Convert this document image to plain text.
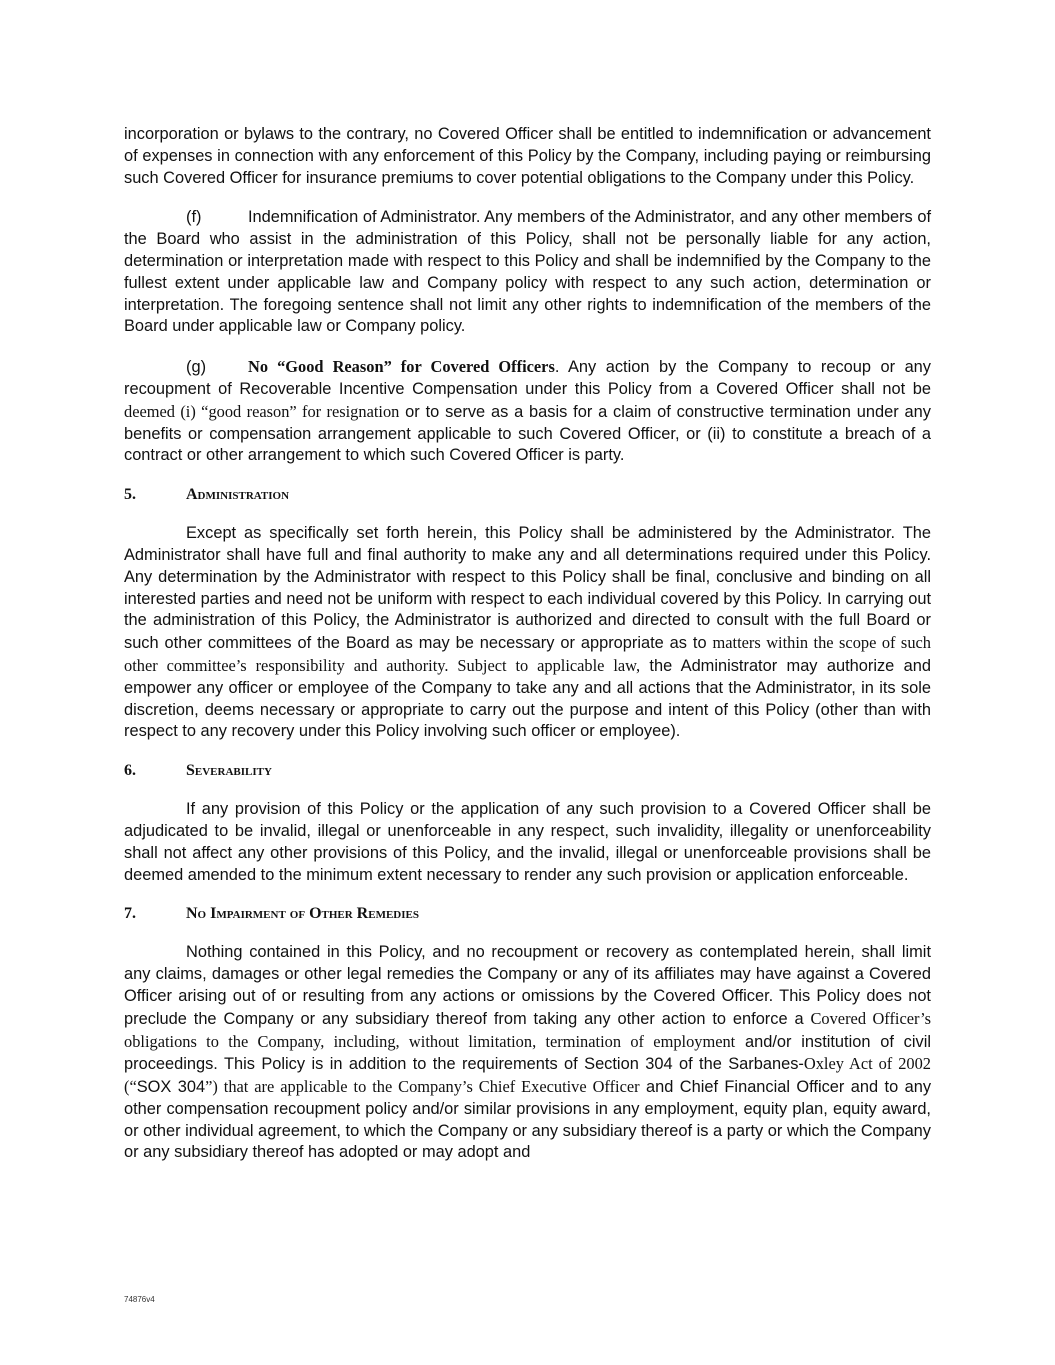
incorporation or bylaws to the contrary, no Covered Officer shall be entitled to indemnification or advancement of expenses in connection with any enforcement of this Policy by the Company, including paying or reimbursing such Covered Officer for insurance premiums to cover potential obligations to the Company under this Policy.

(f)	Indemnification of Administrator. Any members of the Administrator, and any other members of the Board who assist in the administration of this Policy, shall not be personally liable for any action, determination or interpretation made with respect to this Policy and shall be indemnified by the Company to the fullest extent under applicable law and Company policy with respect to any such action, determination or interpretation. The foregoing sentence shall not limit any other rights to indemnification of the members of the Board under applicable law or Company policy.

(g)	No “Good Reason” for Covered Officers. Any action by the Company to recoup or any recoupment of Recoverable Incentive Compensation under this Policy from a Covered Officer shall not be deemed (i) “good reason” for resignation or to serve as a basis for a claim of constructive termination under any benefits or compensation arrangement applicable to such Covered Officer, or (ii) to constitute a breach of a contract or other arrangement to which such Covered Officer is party.

5.	Administration

Except as specifically set forth herein, this Policy shall be administered by the Administrator. The Administrator shall have full and final authority to make any and all determinations required under this Policy. Any determination by the Administrator with respect to this Policy shall be final, conclusive and binding on all interested parties and need not be uniform with respect to each individual covered by this Policy. In carrying out the administration of this Policy, the Administrator is authorized and directed to consult with the full Board or such other committees of the Board as may be necessary or appropriate as to matters within the scope of such other committee’s responsibility and authority. Subject to applicable law, the Administrator may authorize and empower any officer or employee of the Company to take any and all actions that the Administrator, in its sole discretion, deems necessary or appropriate to carry out the purpose and intent of this Policy (other than with respect to any recovery under this Policy involving such officer or employee).

6.	Severability

If any provision of this Policy or the application of any such provision to a Covered Officer shall be adjudicated to be invalid, illegal or unenforceable in any respect, such invalidity, illegality or unenforceability shall not affect any other provisions of this Policy, and the invalid, illegal or unenforceable provisions shall be deemed amended to the minimum extent necessary to render any such provision or application enforceable.

7.	No Impairment of Other Remedies

Nothing contained in this Policy, and no recoupment or recovery as contemplated herein, shall limit any claims, damages or other legal remedies the Company or any of its affiliates may have against a Covered Officer arising out of or resulting from any actions or omissions by the Covered Officer. This Policy does not preclude the Company or any subsidiary thereof from taking any other action to enforce a Covered Officer’s obligations to the Company, including, without limitation, termination of employment and/or institution of civil proceedings. This Policy is in addition to the requirements of Section 304 of the Sarbanes-Oxley Act of 2002 (“SOX 304”) that are applicable to the Company’s Chief Executive Officer and Chief Financial Officer and to any other compensation recoupment policy and/or similar provisions in any employment, equity plan, equity award, or other individual agreement, to which the Company or any subsidiary thereof is a party or which the Company or any subsidiary thereof has adopted or may adopt and

74876v4
